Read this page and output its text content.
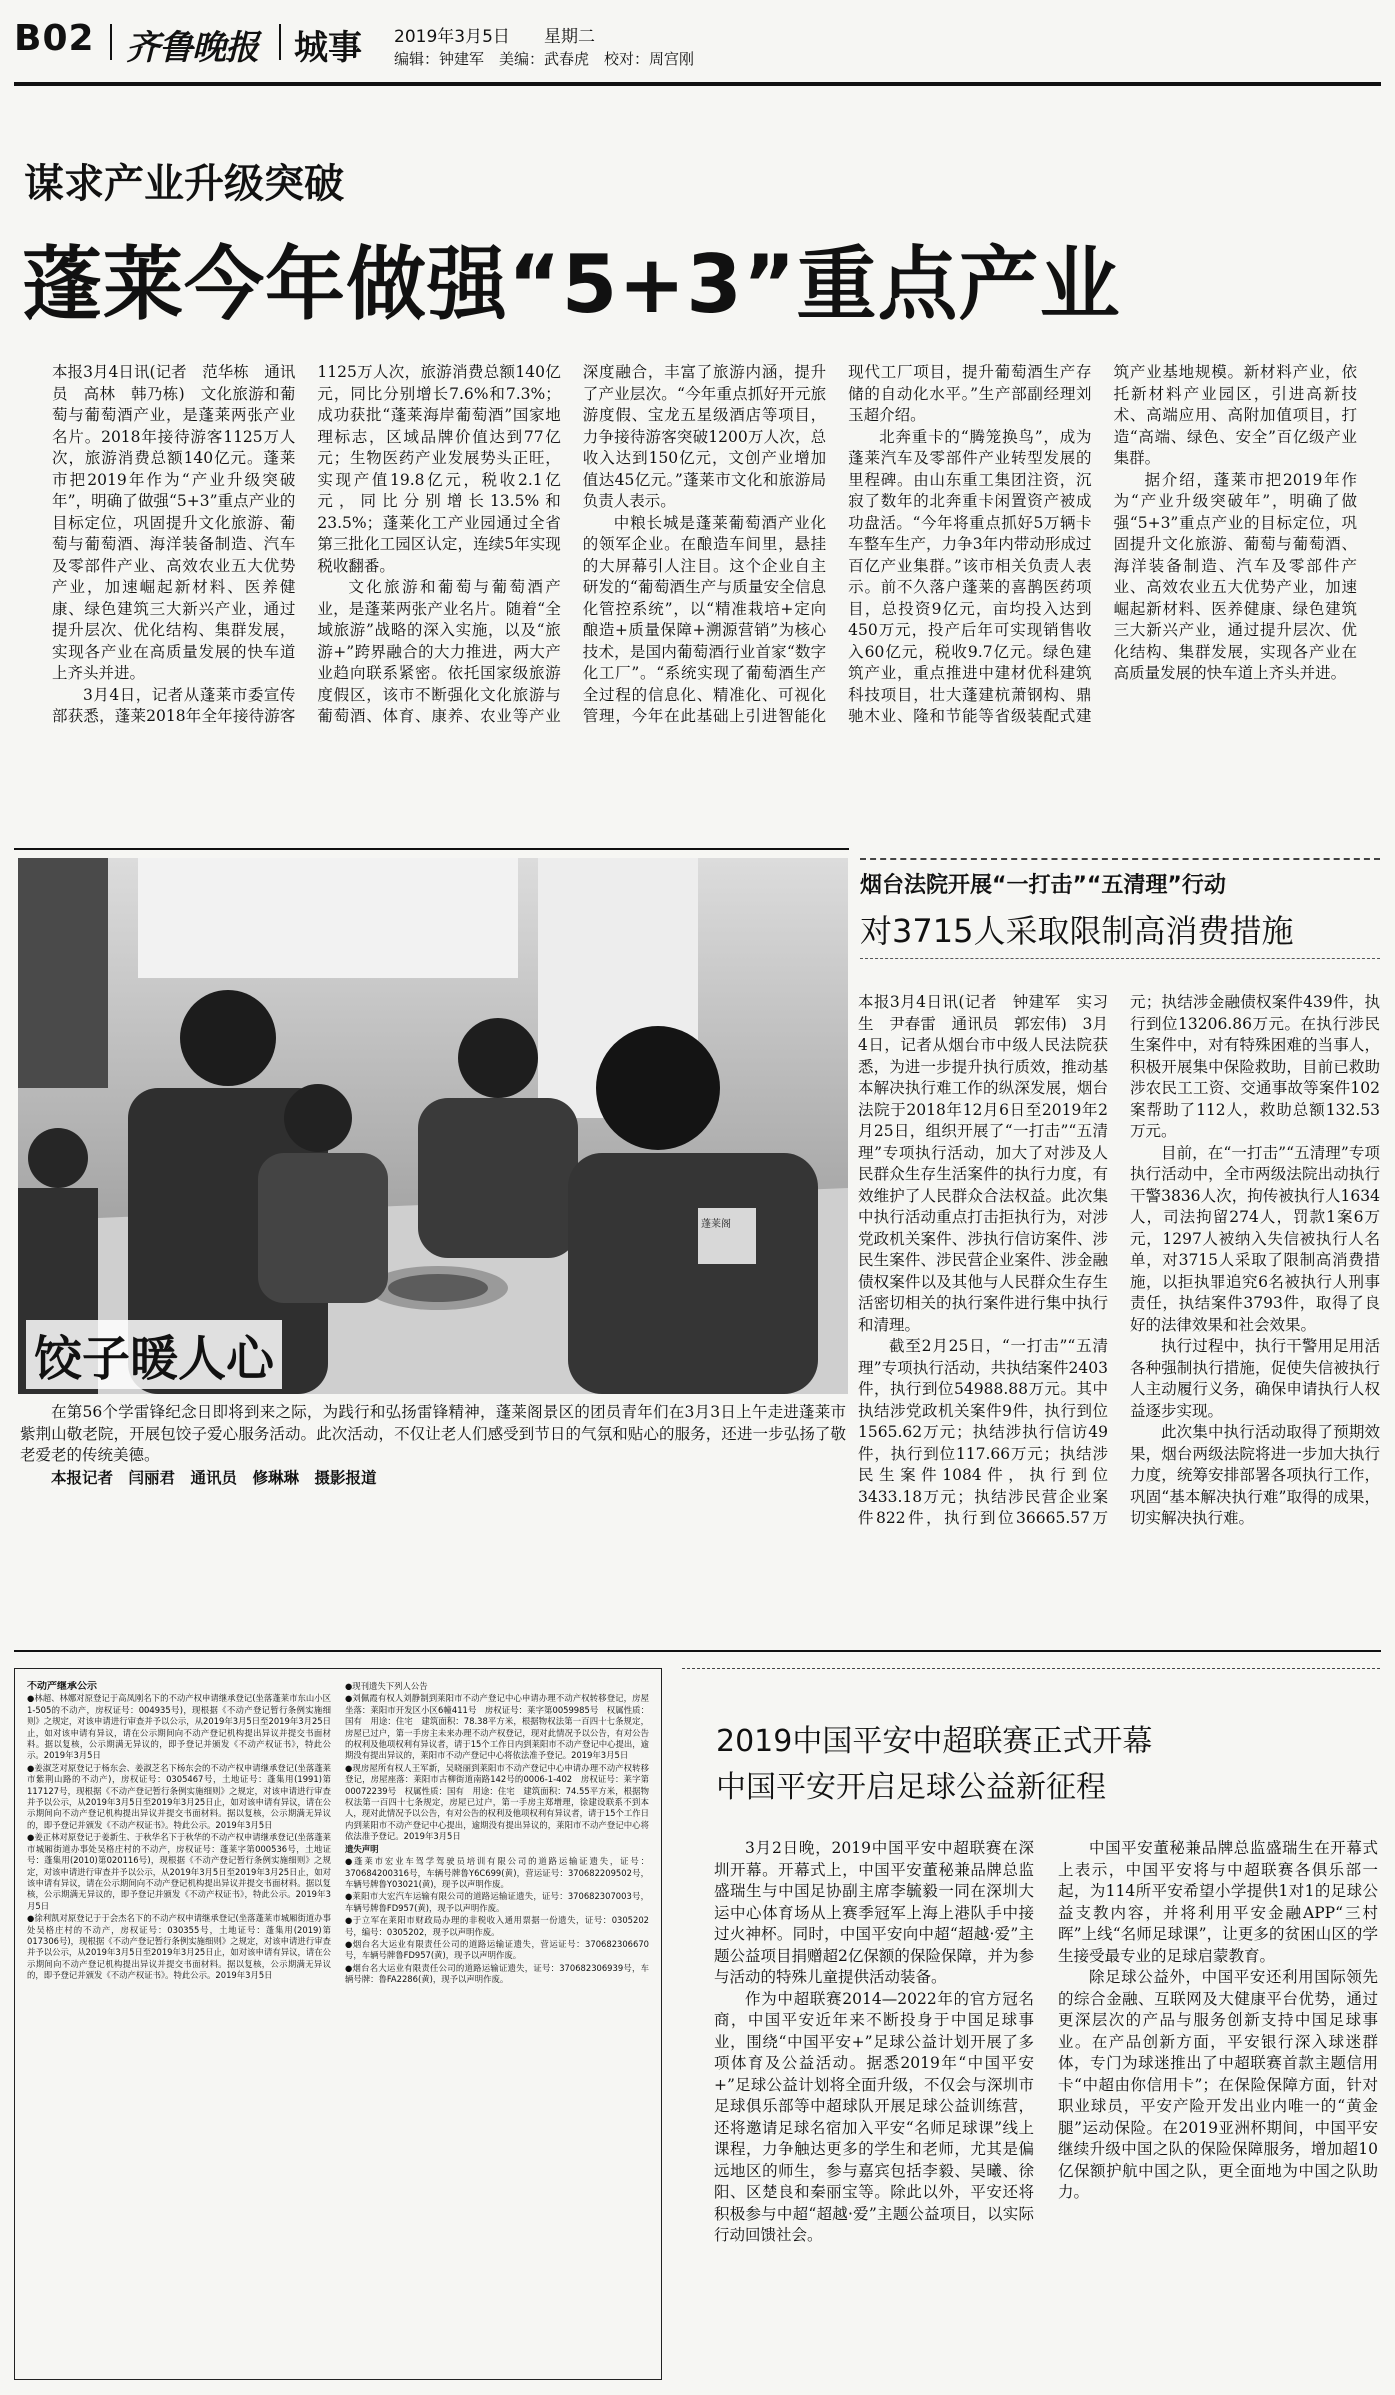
B02 齐鲁晚报 城事 2019年3月5日 星期二
编辑：钟建军　美编：武春虎　校对：周宫刚
谋求产业升级突破
蓬莱今年做强“5+3”重点产业

本报3月4日讯(记者　范华栋　通讯员　高林　韩乃栋)　文化旅游和葡萄与葡萄酒产业，是蓬莱两张产业名片。2018年接待游客1125万人次，旅游消费总额140亿元。蓬莱市把2019年作为“产业升级突破年”，明确了做强“5+3”重点产业的目标定位，巩固提升文化旅游、葡萄与葡萄酒、海洋装备制造、汽车及零部件产业、高效农业五大优势产业，加速崛起新材料、医养健康、绿色建筑三大新兴产业，通过提升层次、优化结构、集群发展，实现各产业在高质量发展的快车道上齐头并进。

3月4日，记者从蓬莱市委宣传部获悉，蓬莱2018年全年接待游客1125万人次，旅游消费总额140亿元，同比分别增长7.6%和7.3%；成功获批“蓬莱海岸葡萄酒”国家地理标志，区域品牌价值达到77亿元；生物医药产业发展势头正旺，实现产值19.8亿元，税收2.1亿元，同比分别增长13.5%和23.5%；蓬莱化工产业园通过全省第三批化工园区认定，连续5年实现税收翻番。

文化旅游和葡萄与葡萄酒产业，是蓬莱两张产业名片。随着“全域旅游”战略的深入实施，以及“旅游+”跨界融合的大力推进，两大产业趋向联系紧密。依托国家级旅游度假区，该市不断强化文化旅游与葡萄酒、体育、康养、农业等产业深度融合，丰富了旅游内涵，提升了产业层次。“今年重点抓好开元旅游度假、宝龙五星级酒店等项目，力争接待游客突破1200万人次，总收入达到150亿元，文创产业增加值达45亿元。”蓬莱市文化和旅游局负责人表示。

中粮长城是蓬莱葡萄酒产业化的领军企业。在酿造车间里，悬挂的大屏幕引人注目。这个企业自主研发的“葡萄酒生产与质量安全信息化管控系统”，以“精准栽培+定向酿造+质量保障+溯源营销”为核心技术，是国内葡萄酒行业首家“数字化工厂”。“系统实现了葡萄酒生产全过程的信息化、精准化、可视化管理，今年在此基础上引进智能化现代工厂项目，提升葡萄酒生产存储的自动化水平。”生产部副经理刘玉超介绍。

北奔重卡的“腾笼换鸟”，成为蓬莱汽车及零部件产业转型发展的里程碑。由山东重工集团注资，沉寂了数年的北奔重卡闲置资产被成功盘活。“今年将重点抓好5万辆卡车整车生产，力争3年内带动形成过百亿产业集群。”该市相关负责人表示。前不久落户蓬莱的喜鹊医药项目，总投资9亿元，亩均投入达到450万元，投产后年可实现销售收入60亿元，税收9.7亿元。绿色建筑产业，重点推进中建材优科建筑科技项目，壮大蓬建杭萧钢构、鼎驰木业、隆和节能等省级装配式建筑产业基地规模。新材料产业，依托新材料产业园区，引进高新技术、高端应用、高附加值项目，打造“高端、绿色、安全”百亿级产业集群。

据介绍，蓬莱市把2019年作为“产业升级突破年”，明确了做强“5+3”重点产业的目标定位，巩固提升文化旅游、葡萄与葡萄酒、海洋装备制造、汽车及零部件产业、高效农业五大优势产业，加速崛起新材料、医养健康、绿色建筑三大新兴产业，通过提升层次、优化结构、集群发展，实现各产业在高质量发展的快车道上齐头并进。

蓬莱阁
饺子暖人心

在第56个学雷锋纪念日即将到来之际，为践行和弘扬雷锋精神，蓬莱阁景区的团员青年们在3月3日上午走进蓬莱市紫荆山敬老院，开展包饺子爱心服务活动。此次活动，不仅让老人们感受到节日的气氛和贴心的服务，还进一步弘扬了敬老爱老的传统美德。

本报记者　闫丽君　通讯员　修琳琳　摄影报道

烟台法院开展“一打击”“五清理”行动
对3715人采取限制高消费措施

本报3月4日讯(记者　钟建军　实习生　尹春雷　通讯员　郭宏伟)　3月4日，记者从烟台市中级人民法院获悉，为进一步提升执行质效，推动基本解决执行难工作的纵深发展，烟台法院于2018年12月6日至2019年2月25日，组织开展了“一打击”“五清理”专项执行活动，加大了对涉及人民群众生存生活案件的执行力度，有效维护了人民群众合法权益。此次集中执行活动重点打击拒执行为，对涉党政机关案件、涉执行信访案件、涉民生案件、涉民营企业案件、涉金融债权案件以及其他与人民群众生存生活密切相关的执行案件进行集中执行和清理。

截至2月25日，“一打击”“五清理”专项执行活动，共执结案件2403件，执行到位54988.88万元。其中执结涉党政机关案件9件，执行到位1565.62万元；执结涉执行信访49件，执行到位117.66万元；执结涉民生案件1084件，执行到位3433.18万元；执结涉民营企业案件822件，执行到位36665.57万元；执结涉金融债权案件439件，执行到位13206.86万元。在执行涉民生案件中，对有特殊困难的当事人，积极开展集中保险救助，目前已救助涉农民工工资、交通事故等案件102案帮助了112人，救助总额132.53万元。

目前，在“一打击”“五清理”专项执行活动中，全市两级法院出动执行干警3836人次，拘传被执行人1634人，司法拘留274人，罚款1案6万元，1297人被纳入失信被执行人名单，对3715人采取了限制高消费措施，以拒执罪追究6名被执行人刑事责任，执结案件3793件，取得了良好的法律效果和社会效果。

执行过程中，执行干警用足用活各种强制执行措施，促使失信被执行人主动履行义务，确保申请执行人权益逐步实现。

此次集中执行活动取得了预期效果，烟台两级法院将进一步加大执行力度，统筹安排部署各项执行工作，巩固“基本解决执行难”取得的成果，切实解决执行难。

不动产继承公示

●林超、林娜对原登记于高凤刚名下的不动产权申请继承登记(坐落蓬莱市东山小区1-505的不动产，房权证号：004935号)，现根据《不动产登记暂行条例实施细则》之规定，对该申请进行审查并予以公示，从2019年3月5日至2019年3月25日止，如对该申请有异议，请在公示期间向不动产登记机构提出异议并提交书面材料。据以复核，公示期满无异议的，即予登记并颁发《不动产权证书》，特此公示。2019年3月5日

●姜淑芝对原登记于杨东会、姜淑芝名下杨东会的不动产权申请继承登记(坐落蓬莱市紫荆山路的不动产)，房权证号：0305467号，土地证号：蓬集用(1991)第117127号，现根据《不动产登记暂行条例实施细则》之规定，对该申请进行审查并予以公示，从2019年3月5日至2019年3月25日止，如对该申请有异议，请在公示期间向不动产登记机构提出异议并提交书面材料。据以复核，公示期满无异议的，即予登记并颁发《不动产权证书》。特此公示。2019年3月5日

●姜正林对原登记于姜新生、于秋华名下于秋华的不动产权申请继承登记(坐落蓬莱市城厢街道办事处吴格庄村的不动产，房权证号：蓬莱字第000536号，土地证号：蓬集用(2010)第020116号)，现根据《不动产登记暂行条例实施细则》之规定，对该申请进行审查并予以公示，从2019年3月5日至2019年3月25日止，如对该申请有异议，请在公示期间向不动产登记机构提出异议并提交书面材料。据以复核，公示期满无异议的，即予登记并颁发《不动产权证书》，特此公示。2019年3月5日

●徐利凯对原登记于于会杰名下的不动产权申请继承登记(坐落蓬莱市城厢街道办事处吴格庄村的不动产，房权证号：030355号，土地证号：蓬集用(2019)第017306号)，现根据《不动产登记暂行条例实施细则》之规定，对该申请进行审查并予以公示，从2019年3月5日至2019年3月25日止，如对该申请有异议，请在公示期间向不动产登记机构提出异议并提交书面材料。据以复核，公示期满无异议的，即予登记并颁发《不动产权证书》。特此公示。2019年3月5日

●现刊遗失下列人公告

●刘佩霞有权人刘静制到莱阳市不动产登记中心申请办理不动产权转移登记，房屋坐落：莱阳市开发区小区6幢411号　房权证号：莱字第0059985号　权属性质：国有　用途：住宅　建筑面积：78.38平方米，根据物权法第一百四十七条规定，房屋已过户，第一手房主未来办理不动产权登记，现对此情况予以公告，有对公告的权利及他项权利有异议者，请于15个工作日内到莱阳市不动产登记中心提出，逾期没有提出异议的，莱阳市不动产登记中心将依法准予登记。2019年3月5日

●现房屋所有权人王军新，吴晓丽到莱阳市不动产登记中心申请办理不动产权转移登记，房屋座落：莱阳市古柳街道南路142号的0006-1-402　房权证号：莱字第00072239号　权属性质：国有　用途：住宅　建筑面积：74.55平方米，根据物权法第一百四十七条规定，房屋已过户，第一手房主郑增理，徐建设联系不到本人，现对此情况予以公告，有对公告的权利及他项权利有异议者，请于15个工作日内到莱阳市不动产登记中心提出，逾期没有提出异议的，莱阳市不动产登记中心将依法准予登记。2019年3月5日

遗失声明

●蓬莱市宏业车驾学驾驶员培训有限公司的道路运输证遗失，证号：370684200316号，车辆号牌鲁Y6C699(黄)，营运证号：370682209502号，车辆号牌鲁Y03021(黄)，现予以声明作废。

●莱阳市大宏汽车运输有限公司的道路运输证遗失，证号：370682307003号，车辆号牌鲁FD957(黄)，现予以声明作废。

●于立军在莱阳市财政局办理的非税收入通用票据一份遗失，证号：0305202号，编号：0305202，现予以声明作废。

●烟台名大运业有限责任公司的道路运输证遗失，营运证号：370682306670号，车辆号牌鲁FD957(黄)，现予以声明作废。

●烟台名大运业有限责任公司的道路运输证遗失，证号：370682306939号，车辆号牌：鲁FA2286(黄)，现予以声明作废。

2019中国平安中超联赛正式开幕
中国平安开启足球公益新征程

3月2日晚，2019中国平安中超联赛在深圳开幕。开幕式上，中国平安董秘兼品牌总监盛瑞生与中国足协副主席李毓毅一同在深圳大运中心体育场从上赛季冠军上海上港队手中接过火神杯。同时，中国平安向中超“超越·爱”主题公益项目捐赠超2亿保额的保险保障，并为参与活动的特殊儿童提供活动装备。

作为中超联赛2014—2022年的官方冠名商，中国平安近年来不断投身于中国足球事业，围绕“中国平安+”足球公益计划开展了多项体育及公益活动。据悉2019年“中国平安+”足球公益计划将全面升级，不仅会与深圳市足球俱乐部等中超球队开展足球公益训练营，还将邀请足球名宿加入平安“名师足球课”线上课程，力争触达更多的学生和老师，尤其是偏远地区的师生，参与嘉宾包括李毅、吴曦、徐阳、区楚良和秦丽宝等。除此以外，平安还将积极参与中超“超越·爱”主题公益项目，以实际行动回馈社会。

中国平安董秘兼品牌总监盛瑞生在开幕式上表示，中国平安将与中超联赛各俱乐部一起，为114所平安希望小学提供1对1的足球公益支教内容，并将利用平安金融APP“三村晖”上线“名师足球课”，让更多的贫困山区的学生接受最专业的足球启蒙教育。

除足球公益外，中国平安还利用国际领先的综合金融、互联网及大健康平台优势，通过更深层次的产品与服务创新支持中国足球事业。在产品创新方面，平安银行深入球迷群体，专门为球迷推出了中超联赛首款主题信用卡“中超由你信用卡”；在保险保障方面，针对职业球员，平安产险开发出业内唯一的“黄金腿”运动保险。在2019亚洲杯期间，中国平安继续升级中国之队的保险保障服务，增加超10亿保额护航中国之队，更全面地为中国之队助力。
